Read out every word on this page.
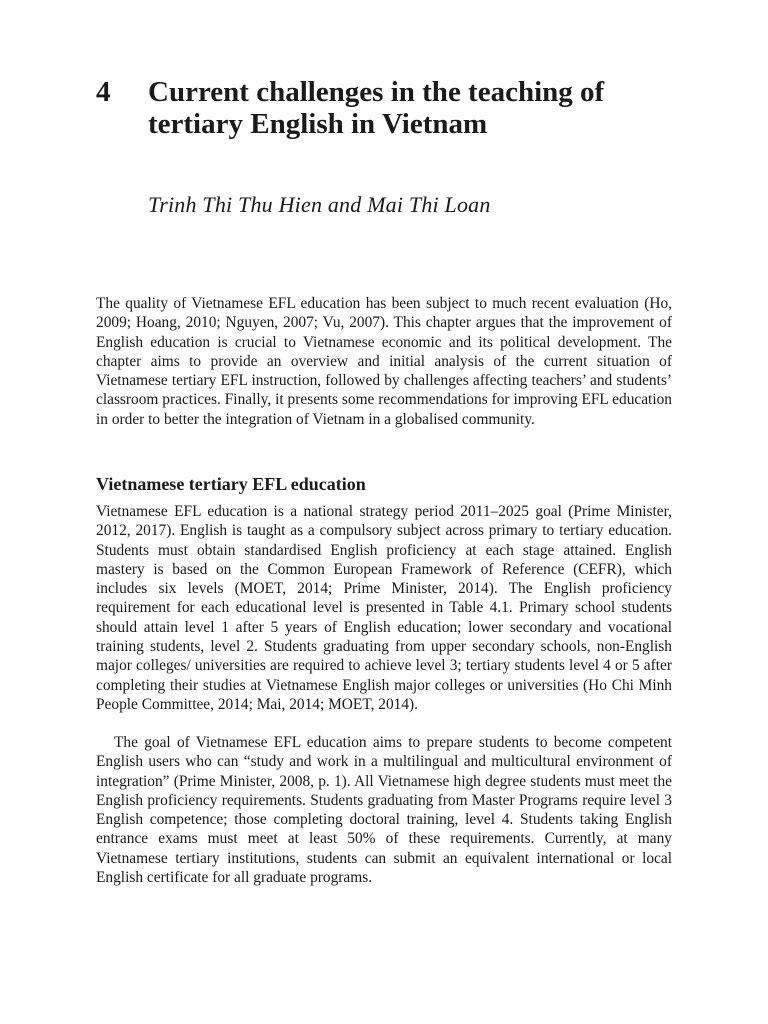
4 Current challenges in the teaching of tertiary English in Vietnam

Trinh Thi Thu Hien and Mai Thi Loan

The quality of Vietnamese EFL education has been subject to much recent evaluation (Ho, 2009; Hoang, 2010; Nguyen, 2007; Vu, 2007). This chapter argues that the improvement of English education is crucial to Vietnamese economic and its political development. The chapter aims to provide an overview and initial analysis of the current situation of Vietnamese tertiary EFL instruction, followed by challenges affecting teachers’ and students’ classroom practices. Finally, it presents some recommendations for improving EFL education in order to better the integration of Vietnam in a globalised community.

Vietnamese tertiary EFL education

Vietnamese EFL education is a national strategy period 2011–2025 goal (Prime Minister, 2012, 2017). English is taught as a compulsory subject across primary to tertiary education. Students must obtain standardised English proficiency at each stage attained. English mastery is based on the Common European Framework of Reference (CEFR), which includes six levels (MOET, 2014; Prime Minister, 2014). The English proficiency requirement for each educational level is presented in Table 4.1. Primary school students should attain level 1 after 5 years of English education; lower secondary and vocational training students, level 2. Students graduating from upper secondary schools, non-English major colleges/ universities are required to achieve level 3; tertiary students level 4 or 5 after completing their studies at Vietnamese English major colleges or universities (Ho Chi Minh People Committee, 2014; Mai, 2014; MOET, 2014).

The goal of Vietnamese EFL education aims to prepare students to become competent English users who can “study and work in a multilingual and multicultural environment of integration” (Prime Minister, 2008, p. 1). All Vietnamese high degree students must meet the English proficiency requirements. Students graduating from Master Programs require level 3 English competence; those completing doctoral training, level 4. Students taking English entrance exams must meet at least 50% of these requirements. Currently, at many Vietnamese tertiary institutions, students can submit an equivalent international or local English certificate for all graduate programs.
